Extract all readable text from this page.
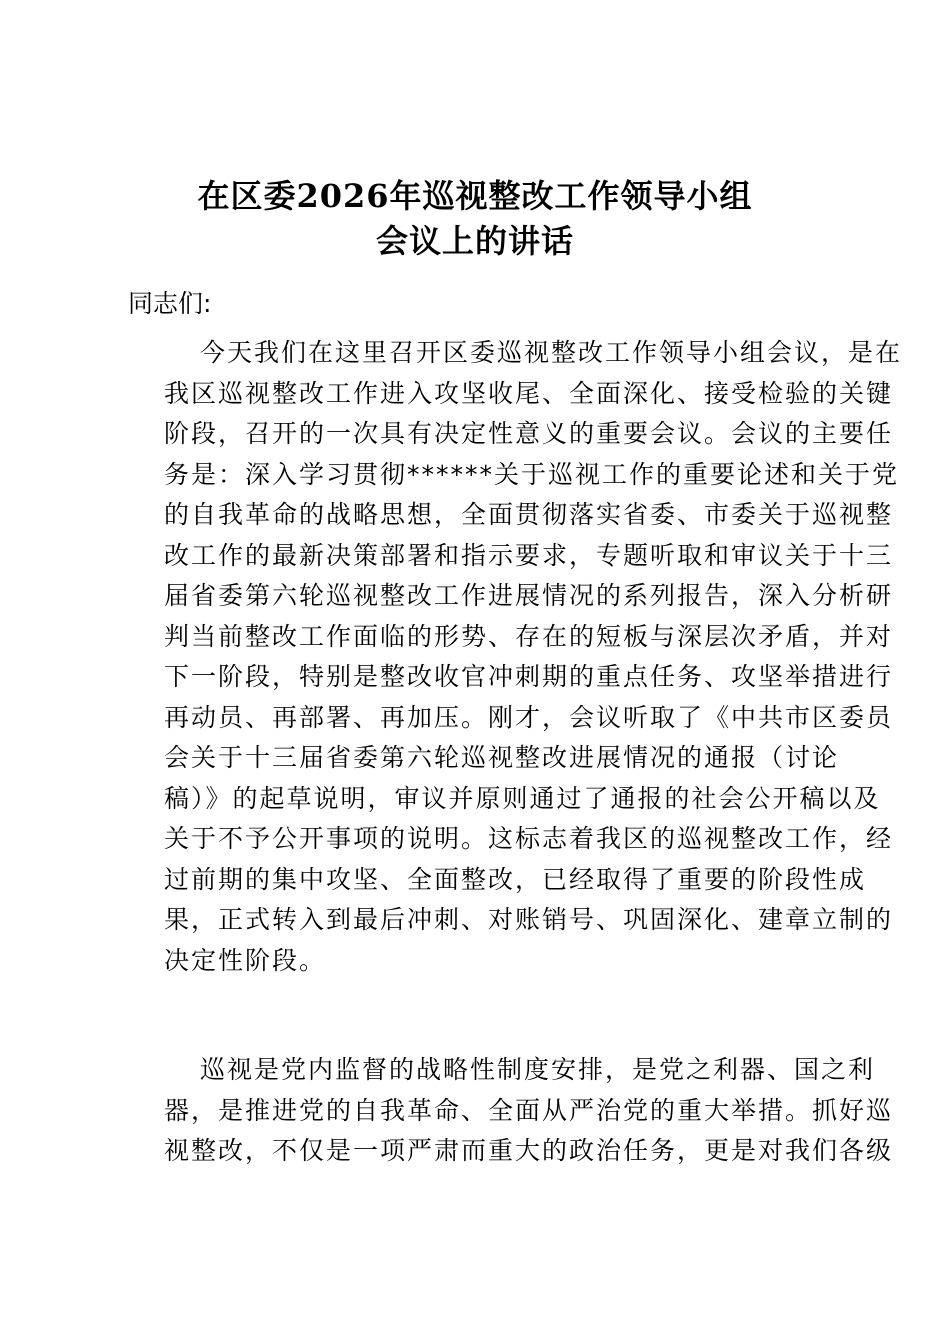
在区委2026年巡视整改工作领导小组
会议上的讲话
同志们:
今天我们在这里召开区委巡视整改工作领导小组会议，是在
我区巡视整改工作进入攻坚收尾、全面深化、接受检验的关键
阶段，召开的一次具有决定性意义的重要会议。会议的主要任
务是：深入学习贯彻******关于巡视工作的重要论述和关于党
的自我革命的战略思想，全面贯彻落实省委、市委关于巡视整
改工作的最新决策部署和指示要求，专题听取和审议关于十三
届省委第六轮巡视整改工作进展情况的系列报告，深入分析研
判当前整改工作面临的形势、存在的短板与深层次矛盾，并对
下一阶段，特别是整改收官冲刺期的重点任务、攻坚举措进行
再动员、再部署、再加压。刚才，会议听取了《中共市区委员
会关于十三届省委第六轮巡视整改进展情况的通报（讨论
稿）》的起草说明，审议并原则通过了通报的社会公开稿以及
关于不予公开事项的说明。这标志着我区的巡视整改工作，经
过前期的集中攻坚、全面整改，已经取得了重要的阶段性成
果，正式转入到最后冲刺、对账销号、巩固深化、建章立制的
决定性阶段。
巡视是党内监督的战略性制度安排，是党之利器、国之利
器，是推进党的自我革命、全面从严治党的重大举措。抓好巡
视整改，不仅是一项严肃而重大的政治任务，更是对我们各级
